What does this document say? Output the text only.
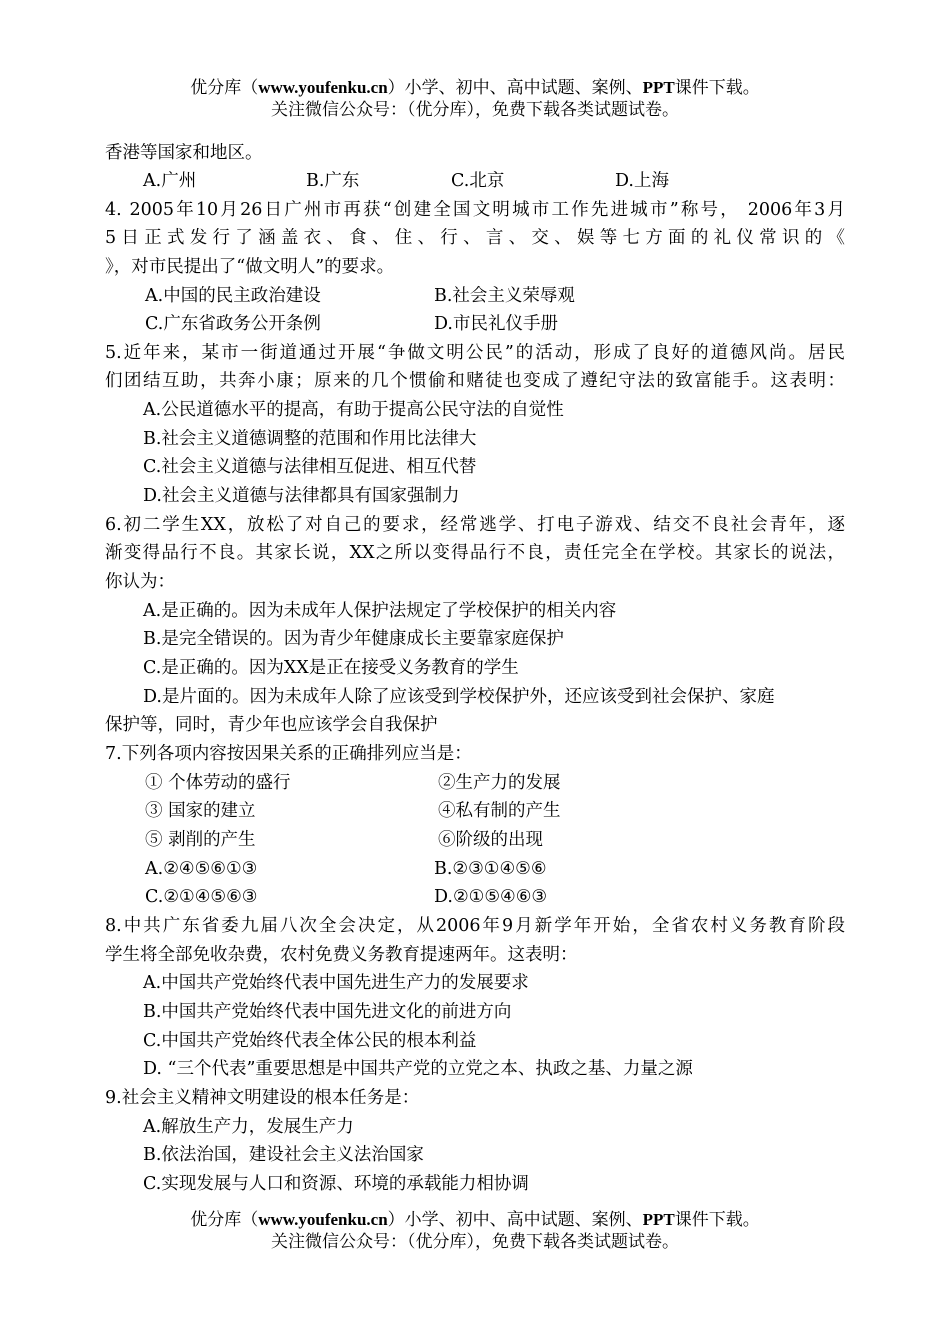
优分库（www.youfenku.cn）小学、初中、高中试题、案例、PPT课件下载。
关注微信公众号：（优分库），免费下载各类试题试卷。
香港等国家和地区。
A.广州	B.广东	C.北京	D.上海
4. 2005年10月26日广州市再获“创建全国文明城市工作先进城市”称号， 2006年3月
5日正式发行了涵盖衣、食、住、行、言、交、娱等七方面的礼仪常识的《
》，对市民提出了“做文明人”的要求。
A.中国的民主政治建设	B.社会主义荣辱观
C.广东省政务公开条例	D.市民礼仪手册
5.近年来，某市一街道通过开展“争做文明公民”的活动，形成了良好的道德风尚。居民
们团结互助，共奔小康；原来的几个惯偷和赌徒也变成了遵纪守法的致富能手。这表明：
A.公民道德水平的提高，有助于提高公民守法的自觉性
B.社会主义道德调整的范围和作用比法律大
C.社会主义道德与法律相互促进、相互代替
D.社会主义道德与法律都具有国家强制力
6.初二学生XX，放松了对自己的要求，经常逃学、打电子游戏、结交不良社会青年，逐
渐变得品行不良。其家长说，XX之所以变得品行不良，责任完全在学校。其家长的说法，
你认为：
A.是正确的。因为未成年人保护法规定了学校保护的相关内容
B.是完全错误的。因为青少年健康成长主要靠家庭保护
C.是正确的。因为XX是正在接受义务教育的学生
D.是片面的。因为未成年人除了应该受到学校保护外，还应该受到社会保护、家庭
保护等，同时，青少年也应该学会自我保护
7.下列各项内容按因果关系的正确排列应当是：
① 个体劳动的盛行	②生产力的发展
③ 国家的建立	④私有制的产生
⑤ 剥削的产生	⑥阶级的出现
A.②④⑤⑥①③	B.②③①④⑤⑥
C.②①④⑤⑥③	D.②①⑤④⑥③
8.中共广东省委九届八次全会决定，从2006年9月新学年开始，全省农村义务教育阶段
学生将全部免收杂费，农村免费义务教育提速两年。这表明：
A.中国共产党始终代表中国先进生产力的发展要求
B.中国共产党始终代表中国先进文化的前进方向
C.中国共产党始终代表全体公民的根本利益
D. “三个代表”重要思想是中国共产党的立党之本、执政之基、力量之源
9.社会主义精神文明建设的根本任务是：
A.解放生产力，发展生产力
B.依法治国，建设社会主义法治国家
C.实现发展与人口和资源、环境的承载能力相协调
优分库（www.youfenku.cn）小学、初中、高中试题、案例、PPT课件下载。
关注微信公众号：（优分库），免费下载各类试题试卷。
